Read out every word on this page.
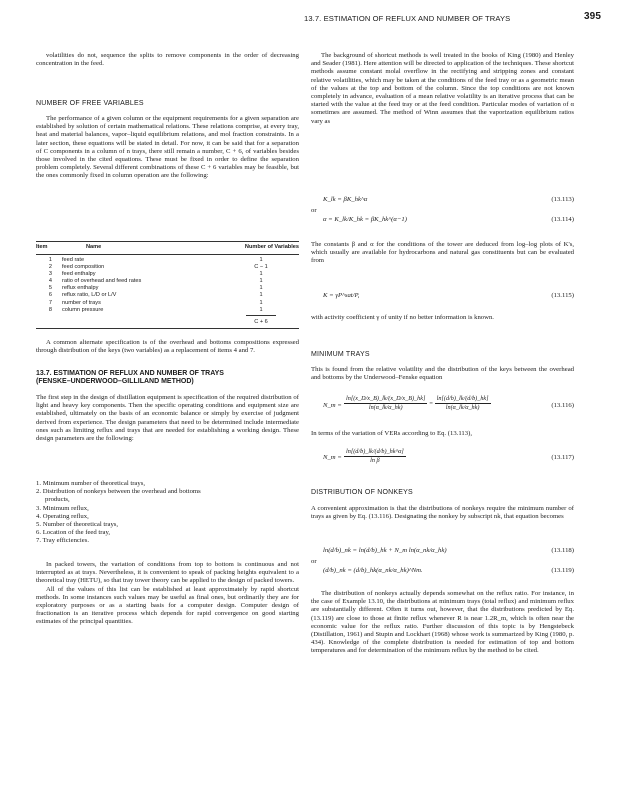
13.7. ESTIMATION OF REFLUX AND NUMBER OF TRAYS	395

volatilities do not, sequence the splits to remove components in the order of decreasing concentration in the feed.

NUMBER OF FREE VARIABLES

The performance of a given column or the equipment requirements for a given separation are established by solution of certain mathematical relations. These relations comprise, at every tray, heat and material balances, vapor–liquid equilibrium relations, and mol fraction constraints. In a later section, these equations will be stated in detail. For now, it can be said that for a separation of C components in a column of n trays, there still remain a number, C + 6, of variables besides those involved in the cited equations. These must be fixed in order to define the separation problem completely. Several different combinations of these C + 6 variables may be feasible, but the ones commonly fixed in column operation are the following:

Item	Name	Number of Variables
1	feed rate	1
2	feed composition	C − 1
3	feed enthalpy	1
4	ratio of overhead and feed rates	1
5	reflux enthalpy	1
6	reflux ratio, L/D or L/V	1
7	number of trays	1
8	column pressure	1
C + 6

A common alternate specification is of the overhead and bottoms compositions expressed through distribution of the keys (two variables) as a replacement of items 4 and 7.

13.7. ESTIMATION OF REFLUX AND NUMBER OF TRAYS
(FENSKE–UNDERWOOD–GILLILAND METHOD)

The first step in the design of distillation equipment is specification of the required distribution of light and heavy key components. Then the specific operating conditions and equipment size are established, ultimately on the basis of an economic balance or simply by exercise of judgment derived from experience. The design parameters that need to be determined include intermediate ones such as limiting reflux and trays that are needed for establishing a working design. These design parameters are the following:

1. Minimum number of theoretical trays,
2. Distribution of nonkeys between the overhead and bottoms
products,
3. Minimum reflux,
4. Operating reflux,
5. Number of theoretical trays,
6. Location of the feed tray,
7. Tray efficiencies.

In packed towers, the variation of conditions from top to bottom is continuous and not interrupted as at trays. Nevertheless, it is convenient to speak of packing heights equivalent to a theoretical tray (HETU), so that tray tower theory can be applied to the design of packed towers.

All of the values of this list can be established at least approximately by rapid shortcut methods. In some instances such values may be useful as final ones, but ordinarily they are for exploratory purposes or as a starting basis for a computer design. Computer design of fractionation is an iterative process which depends for rapid convergence on good starting estimates of the principal quantities.

The background of shortcut methods is well treated in the books of King (1980) and Henley and Seader (1981). Here attention will be directed to application of the techniques. These shortcut methods assume constant molal overflow in the rectifying and stripping zones and constant relative volatilities, which may be taken at the conditions of the feed tray or as a geometric mean of the values at the top and bottom of the column. Since the top conditions are not known completely in advance, evaluation of a mean relative volatility is an iterative process that can be started with the value at the feed tray or at the feed condition. Particular modes of variation of α sometimes are assumed. The method of Winn assumes that the vaporization equilibrium ratios vary as

K_lk = βK_hk^α	(13.113)
or
α = K_lk/K_hk = βK_hk^(α−1)	(13.114)

The constants β and α for the conditions of the tower are deduced from log–log plots of K's, which usually are available for hydrocarbons and natural gas constituents but can be evaluated from

K = γP^sat/P,	(13.115)

with activity coefficient γ of unity if no better information is known.

MINIMUM TRAYS

This is found from the relative volatility and the distribution of the keys between the overhead and bottoms by the Underwood–Fenske equation

N_m = $\frac{\ln[(x\_D/x\_B)\_lk/(x\_D/x\_B)\_hk]}{\ln(\alpha\_lk/\alpha\_hk)} = \frac{\ln[(d/b)\_lk/(d/b)\_hk]}{\ln(\alpha\_lk/\alpha\_hk)}$	(13.116)

In terms of the variation of VERs according to Eq. (13.113),

N_m = $\frac{\ln[(d/b)\_lk/(d/b)\_hk\^{}\alpha]}{\text{ln β}}$	(13.117)
DISTRIBUTION OF NONKEYS

A convenient approximation is that the distributions of nonkeys require the minimum number of trays as given by Eq. (13.116). Designating the nonkey by subscript nk, that equation becomes

ln(d/b)_nk = ln(d/b)_hk + N_m ln(α_nk/α_hk)	(13.118)
or
(d/b)_nk = (d/b)_hk(α_nk/α_hk)^Nm.	(13.119)

The distribution of nonkeys actually depends somewhat on the reflux ratio. For instance, in the case of Example 13.10, the distributions at minimum trays (total reflux) and minimum reflux are substantially different. Often it turns out, however, that the distributions predicted by Eq. (13.119) are close to those at finite reflux whenever R is near 1.2R_m, which is often near the economic value for the reflux ratio. Further discussion of this topic is by Hengstebeck (Distillation, 1961) and Stupin and Lockhart (1968) whose work is summarized by King (1980, p. 434). Knowledge of the complete distribution is needed for estimation of top and bottom temperatures and for determination of the minimum reflux by the method to be cited.
